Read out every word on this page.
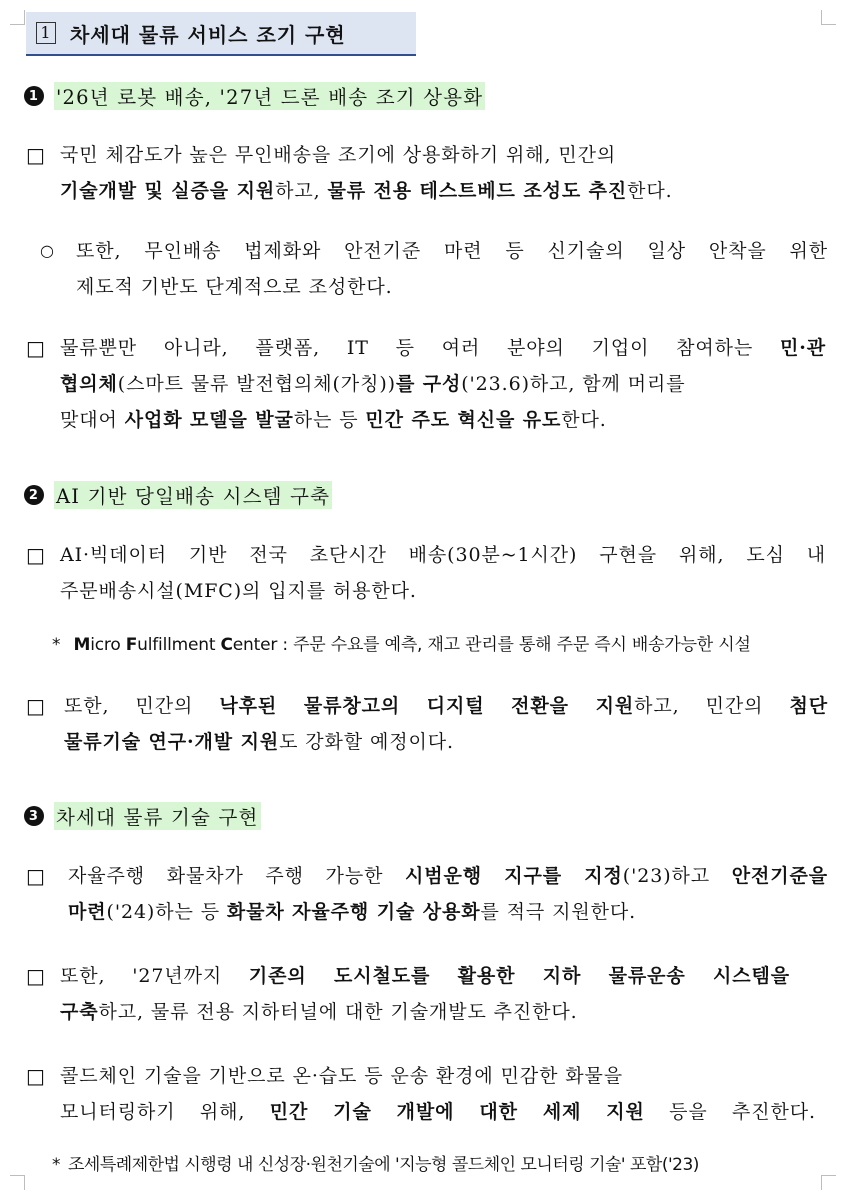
1 차세대 물류 서비스 조기 구현
1 '26년 로봇 배송, '27년 드론 배송 조기 상용화
□ 국민 체감도가 높은 무인배송을 조기에 상용화하기 위해, 민간의
기술개발 및 실증을 지원하고, 물류 전용 테스트베드 조성도 추진한다.
○ 또한, 무인배송 법제화와 안전기준 마련 등 신기술의 일상 안착을 위한
제도적 기반도 단계적으로 조성한다.
□ 물류뿐만 아니라, 플랫폼, IT 등 여러 분야의 기업이 참여하는 민·관
협의체(스마트 물류 발전협의체(가칭))를 구성('23.6)하고, 함께 머리를
맞대어 사업화 모델을 발굴하는 등 민간 주도 혁신을 유도한다.
2 AI 기반 당일배송 시스템 구축
□ AI·빅데이터 기반 전국 초단시간 배송(30분~1시간) 구현을 위해, 도심 내
주문배송시설(MFC)의 입지를 허용한다.
* Micro Fulfillment Center : 주문 수요를 예측, 재고 관리를 통해 주문 즉시 배송가능한 시설
□ 또한, 민간의 낙후된 물류창고의 디지털 전환을 지원하고, 민간의 첨단
물류기술 연구·개발 지원도 강화할 예정이다.
3 차세대 물류 기술 구현
□ 자율주행 화물차가 주행 가능한 시범운행 지구를 지정('23)하고 안전기준을
마련('24)하는 등 화물차 자율주행 기술 상용화를 적극 지원한다.
□ 또한, '27년까지 기존의 도시철도를 활용한 지하 물류운송 시스템을
구축하고, 물류 전용 지하터널에 대한 기술개발도 추진한다.
□ 콜드체인 기술을 기반으로 온·습도 등 운송 환경에 민감한 화물을
모니터링하기 위해, 민간 기술 개발에 대한 세제 지원 등을 추진한다.
* 조세특례제한법 시행령 내 신성장·원천기술에 '지능형 콜드체인 모니터링 기술' 포함('23)
